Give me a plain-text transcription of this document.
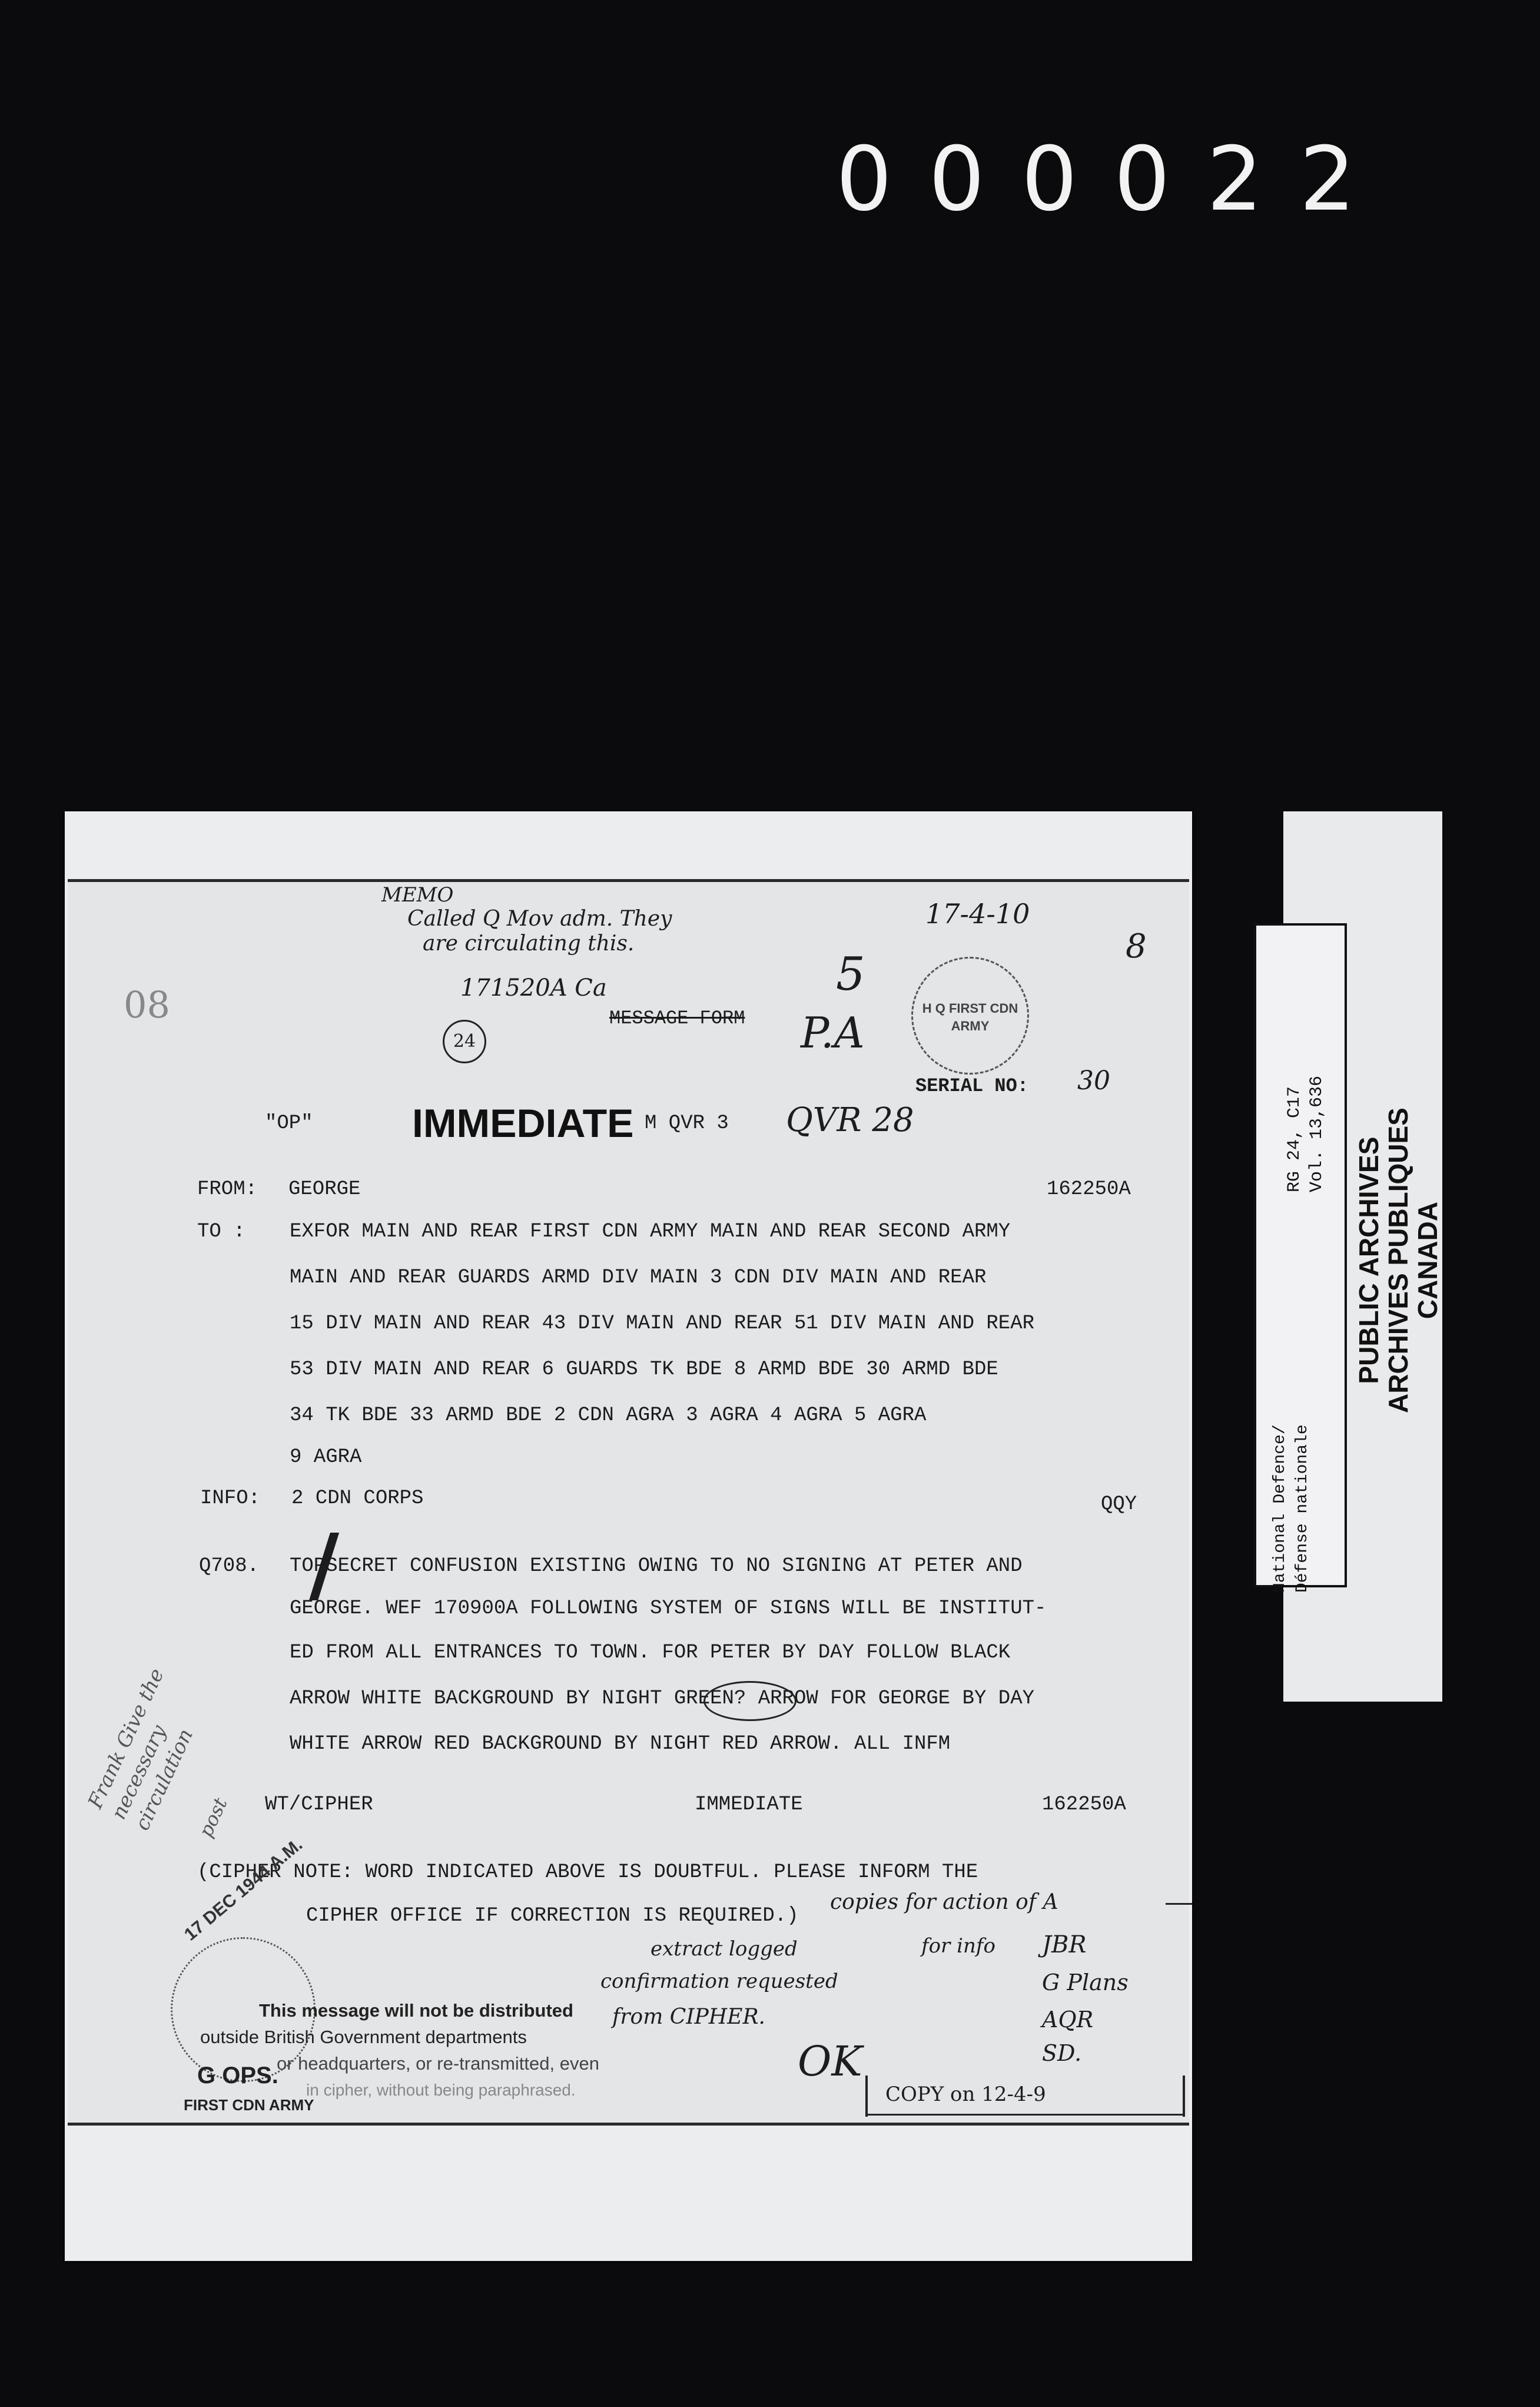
000022
RG 24, C17 Vol. 13,636
National Defence/ Défense nationale
PUBLIC ARCHIVES
ARCHIVES PUBLIQUES
CANADA
MEMO
Called Q Mov adm. They
are circulating this.
17-4-10
8
171520A Ca
24
5
P.A
08	H Q FIRST CDN ARMY
MESSAGE FORM
SERIAL NO: 30
"OP" IMMEDIATE M QVR 3 QVR 28
FROM: GEORGE	162250A
TO : EXFOR MAIN AND REAR FIRST CDN ARMY MAIN AND REAR SECOND ARMY
MAIN AND REAR GUARDS ARMD DIV MAIN 3 CDN DIV MAIN AND REAR
15 DIV MAIN AND REAR 43 DIV MAIN AND REAR 51 DIV MAIN AND REAR
53 DIV MAIN AND REAR 6 GUARDS TK BDE 8 ARMD BDE 30 ARMD BDE
34 TK BDE 33 ARMD BDE 2 CDN AGRA 3 AGRA 4 AGRA 5 AGRA
9 AGRA
INFO: 2 CDN CORPS	QQY
Q708. /
TOPSECRET CONFUSION EXISTING OWING TO NO SIGNING AT PETER AND
GEORGE. WEF 170900A FOLLOWING SYSTEM OF SIGNS WILL BE INSTITUT-
ED FROM ALL ENTRANCES TO TOWN. FOR PETER BY DAY FOLLOW BLACK
ARROW WHITE BACKGROUND BY NIGHT GREEN? ARROW FOR GEORGE BY DAY
WHITE ARROW RED BACKGROUND BY NIGHT RED ARROW. ALL INFM
Frank Give the necessary circulation
post WT/CIPHER	IMMEDIATE	162250A
(CIPHER NOTE: WORD INDICATED ABOVE IS DOUBTFUL. PLEASE INFORM THE
CIPHER OFFICE IF CORRECTION IS REQUIRED.)
copies for action of A
for info JBR
G Plans
AQR
SD.
extract logged
confirmation requested
from CIPHER.
OK
COPY on 12-4-9
17 DEC 1944 A.M.
G OPS.
FIRST CDN ARMY
This message will not be distributed
outside British Government departments
or headquarters, or re-transmitted, even
in cipher, without being paraphrased.
